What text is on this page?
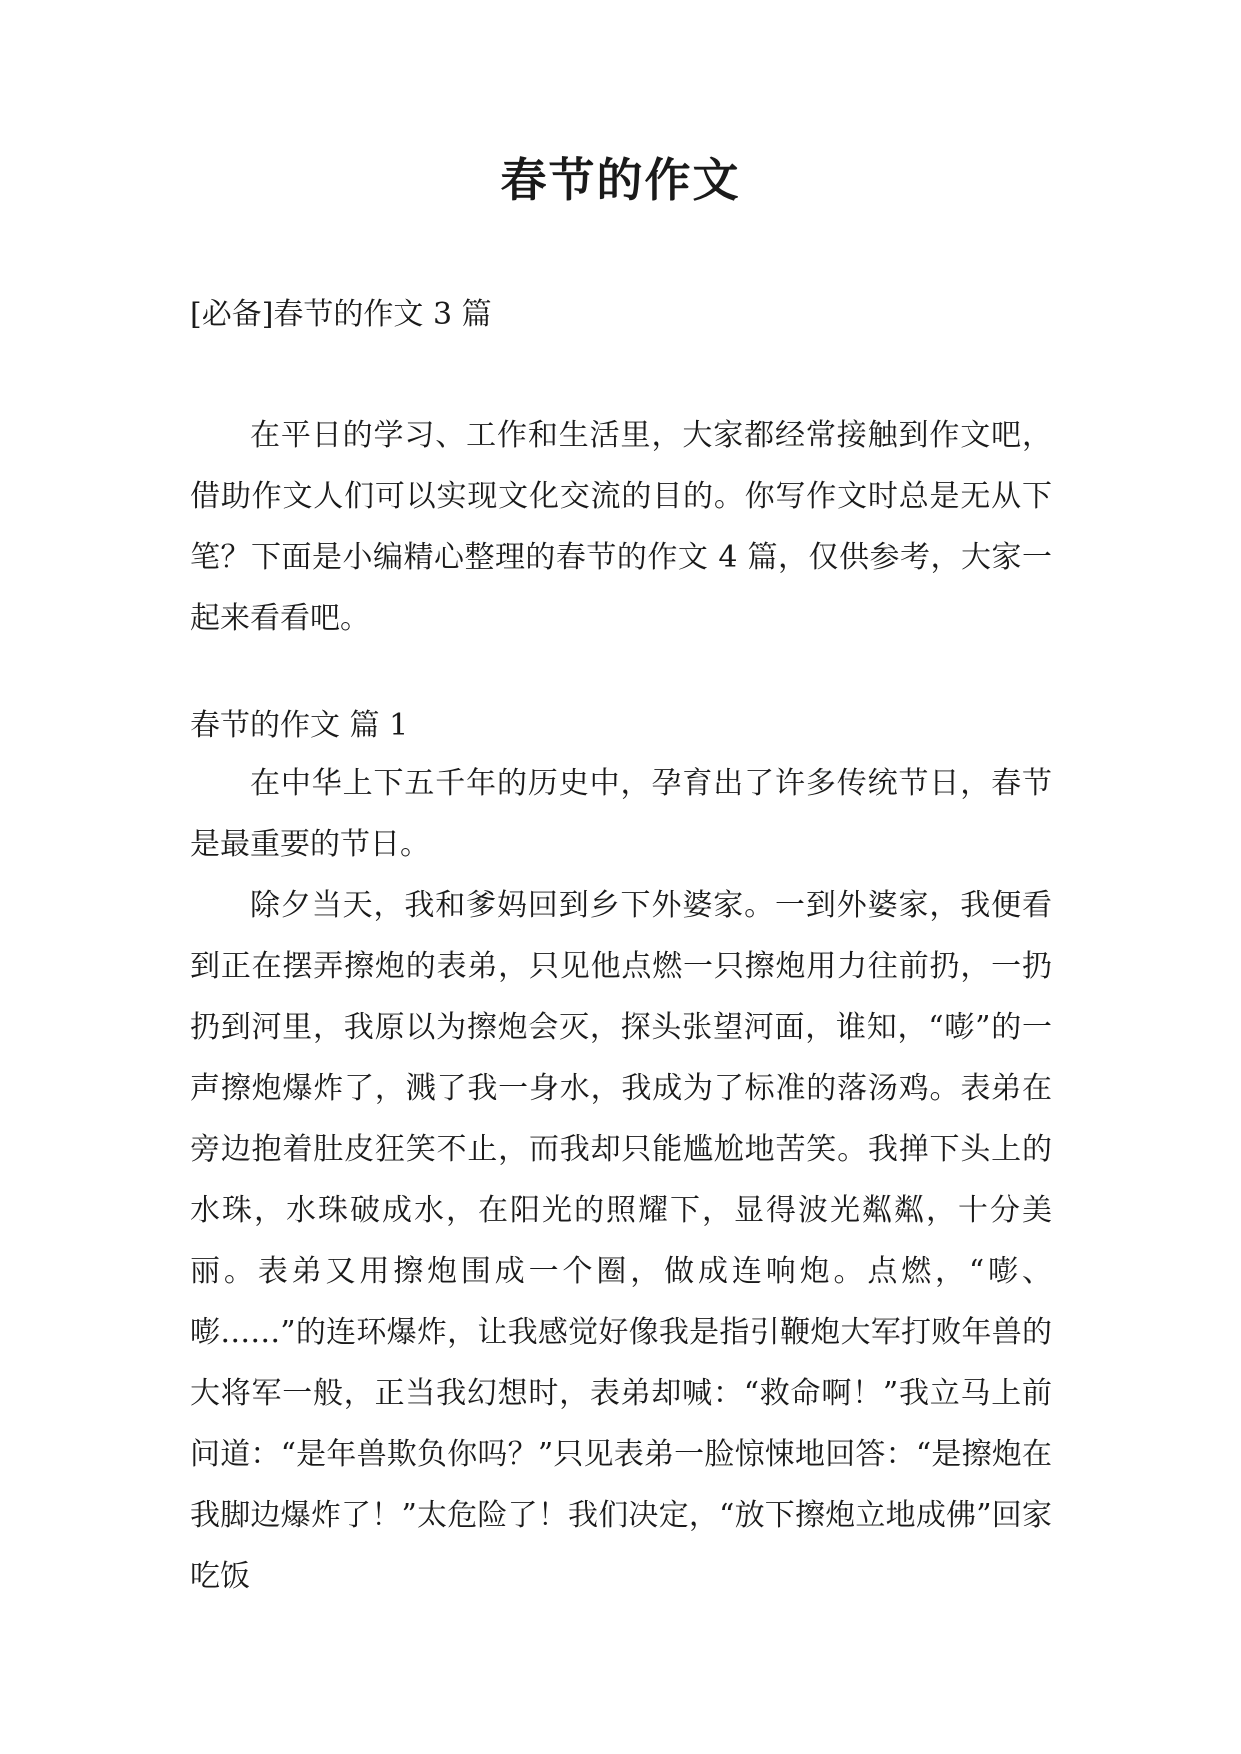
春节的作文
[必备]春节的作文 3 篇

在平日的学习、工作和生活里，大家都经常接触到作文吧，借助作文人们可以实现文化交流的目的。你写作文时总是无从下笔？下面是小编精心整理的春节的作文 4 篇，仅供参考，大家一起来看看吧。

春节的作文 篇 1

在中华上下五千年的历史中，孕育出了许多传统节日，春节是最重要的节日。

除夕当天，我和爹妈回到乡下外婆家。一到外婆家，我便看到正在摆弄擦炮的表弟，只见他点燃一只擦炮用力往前扔，一扔扔到河里，我原以为擦炮会灭，探头张望河面，谁知，“嘭”的一声擦炮爆炸了，溅了我一身水，我成为了标准的落汤鸡。表弟在旁边抱着肚皮狂笑不止，而我却只能尴尬地苦笑。我掸下头上的水珠，水珠破成水，在阳光的照耀下，显得波光粼粼，十分美丽。表弟又用擦炮围成一个圈，做成连响炮。点燃，“嘭、嘭……”的连环爆炸，让我感觉好像我是指引鞭炮大军打败年兽的大将军一般，正当我幻想时，表弟却喊：“救命啊！”我立马上前问道：“是年兽欺负你吗？”只见表弟一脸惊悚地回答：“是擦炮在我脚边爆炸了！”太危险了！我们决定，“放下擦炮立地成佛”回家吃饭
